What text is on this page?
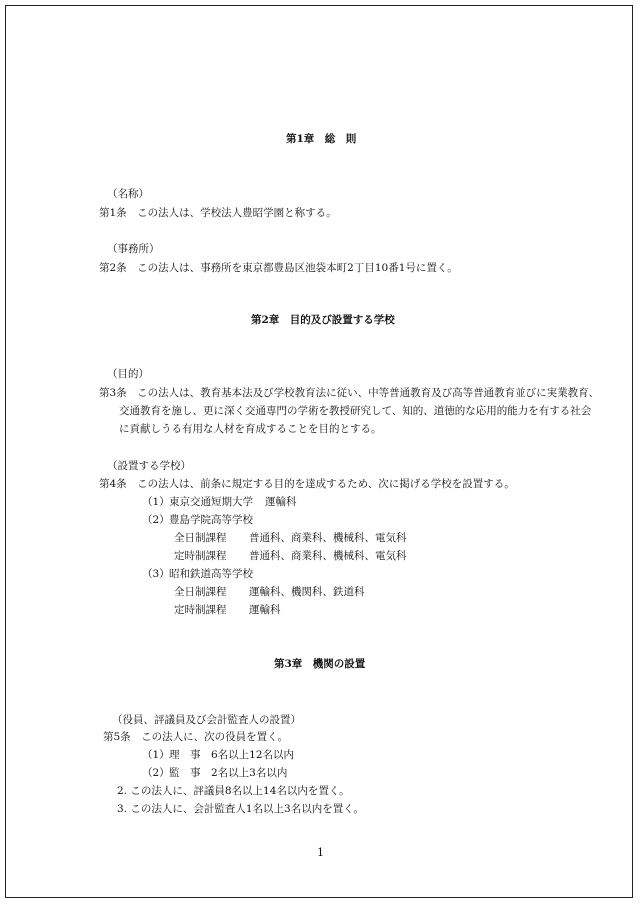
第1章　総　則
（名称）
第1条　この法人は、学校法人豊昭学園と称する。
（事務所）
第2条　この法人は、事務所を東京都豊島区池袋本町2丁目10番1号に置く。
第2章　目的及び設置する学校
（目的）
第3条　この法人は、教育基本法及び学校教育法に従い、中等普通教育及び高等普通教育並びに実業教育、
交通教育を施し、更に深く交通専門の学術を教授研究して、知的、道徳的な応用的能力を有する社会
に貢献しうる有用な人材を育成することを目的とする。
（設置する学校）
第4条　この法人は、前条に規定する目的を達成するため、次に掲げる学校を設置する。
（1） 東京交通短期大学 運輸科
（2） 豊島学院高等学校
全日制課程 普通科、商業科、機械科、電気科
定時制課程 普通科、商業科、機械科、電気科
（3） 昭和鉄道高等学校
全日制課程 運輸科、機関科、鉄道科
定時制課程 運輸科
第3章　機関の設置
（役員、評議員及び会計監査人の設置）
第5条　この法人に、次の役員を置く。
（1） 理　事 6名以上12名以内
（2） 監　事 2名以上3名以内
2. この法人に、評議員8名以上14名以内を置く。
3. この法人に、会計監査人1名以上3名以内を置く。
1
